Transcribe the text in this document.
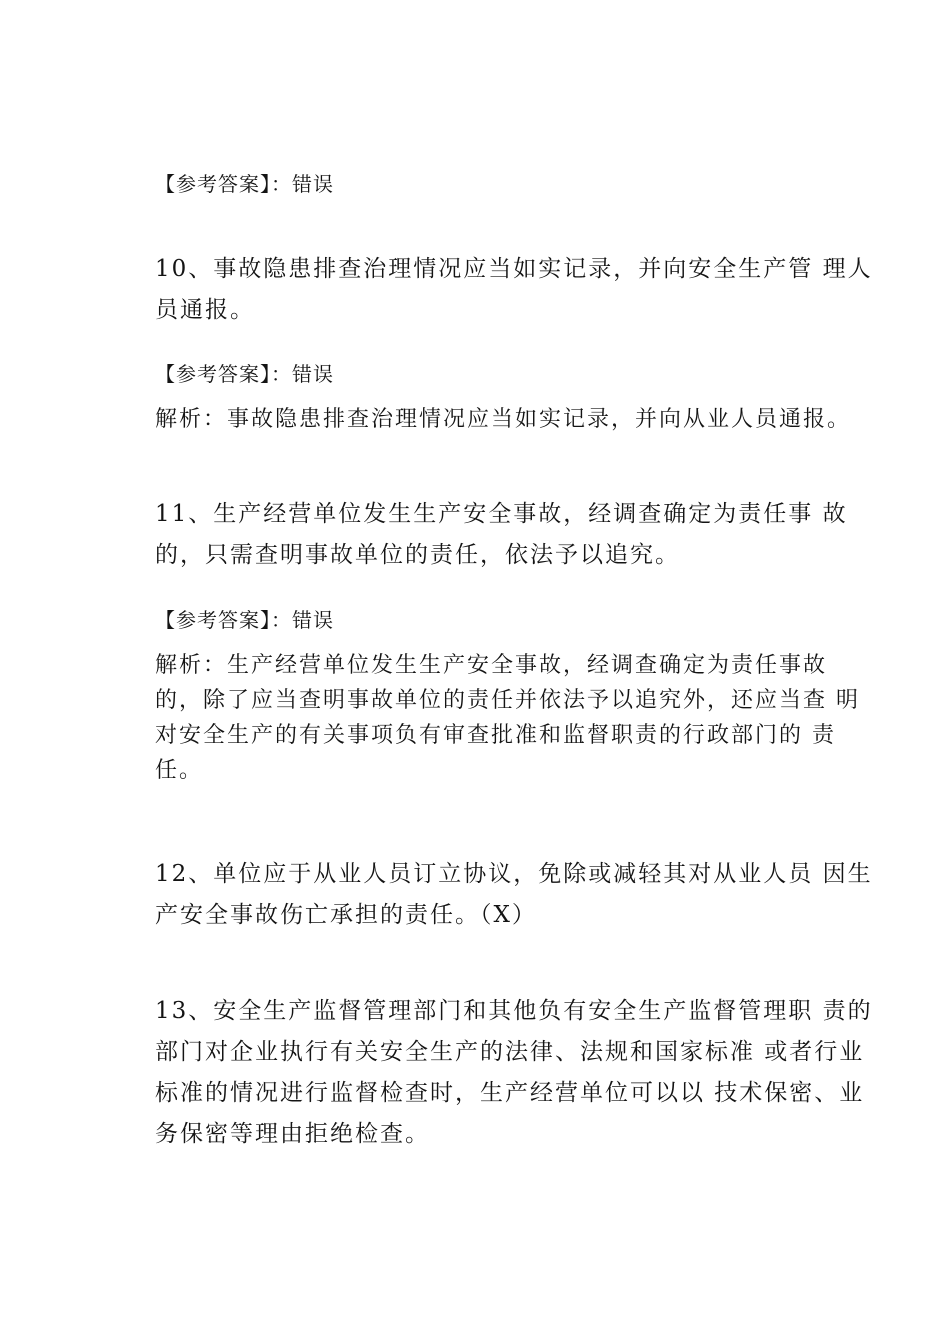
【参考答案】：错误
10、事故隐患排查治理情况应当如实记录，并向安全生产管 理人
员通报。
【参考答案】：错误
解析：事故隐患排查治理情况应当如实记录，并向从业人员通报。
11、生产经营单位发生生产安全事故，经调查确定为责任事 故
的，只需查明事故单位的责任，依法予以追究。
【参考答案】：错误
解析：生产经营单位发生生产安全事故，经调查确定为责任事故
的，除了应当查明事故单位的责任并依法予以追究外，还应当查 明
对安全生产的有关事项负有审查批准和监督职责的行政部门的 责
任。
12、单位应于从业人员订立协议，免除或减轻其对从业人员 因生
产安全事故伤亡承担的责任。（X）
13、安全生产监督管理部门和其他负有安全生产监督管理职 责的
部门对企业执行有关安全生产的法律、法规和国家标准 或者行业
标准的情况进行监督检查时，生产经营单位可以以 技术保密、业
务保密等理由拒绝检查。
